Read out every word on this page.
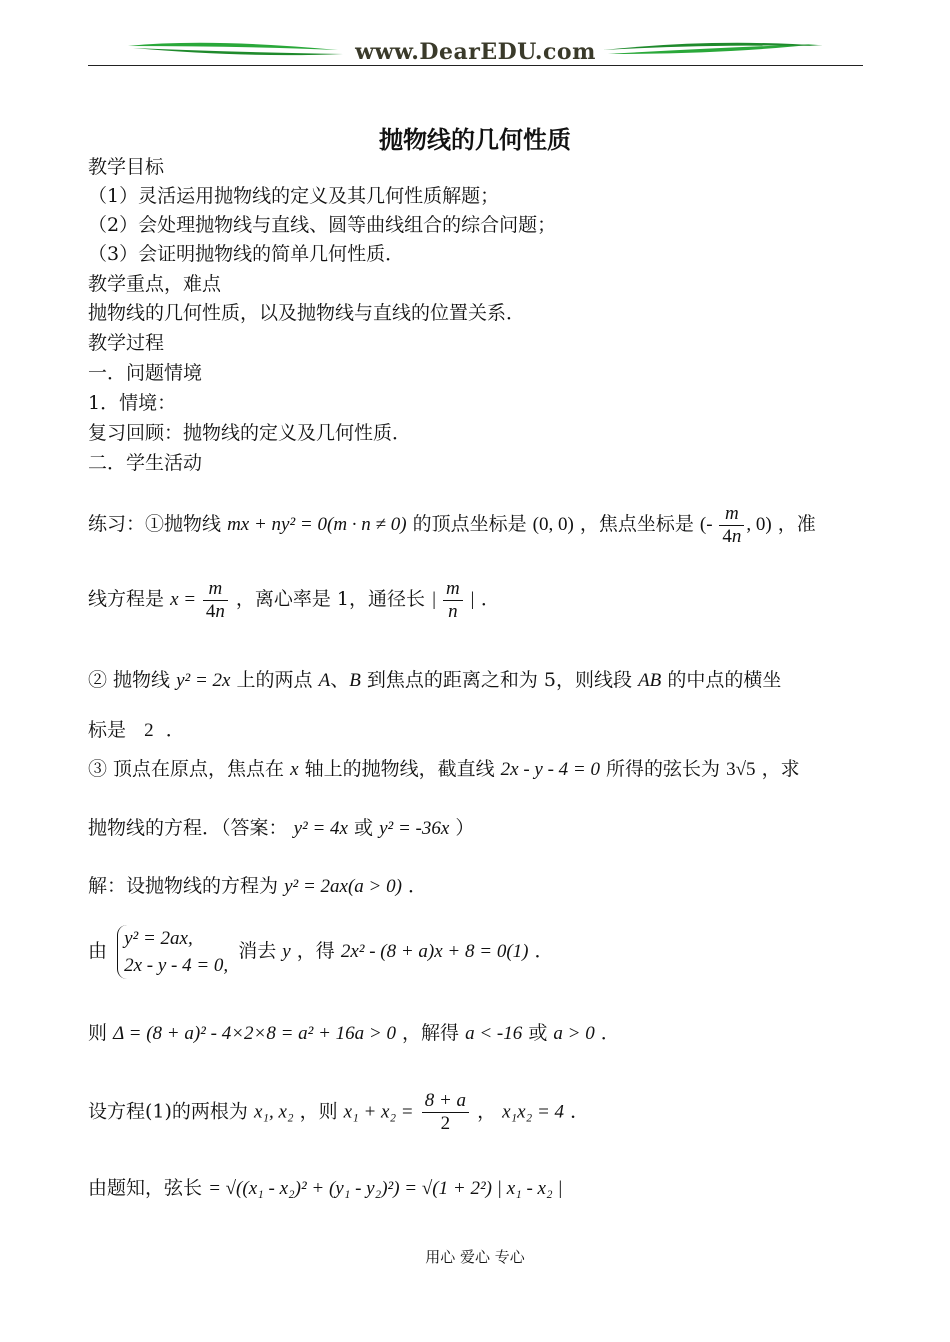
www.DearEDU.com
抛物线的几何性质
教学目标
（1）灵活运用抛物线的定义及其几何性质解题；
（2）会处理抛物线与直线、圆等曲线组合的综合问题；
（3）会证明抛物线的简单几何性质．
教学重点，难点
抛物线的几何性质，以及抛物线与直线的位置关系．
教学过程
一．问题情境
1．情境：
复习回顾：抛物线的定义及几何性质．
二．学生活动
练习：①抛物线 mx + ny² = 0(m · n ≠ 0) 的顶点坐标是 (0, 0) ，焦点坐标是 (- $\frac{m}{4n}$ , 0) ，准
线方程是 $x = \frac{m}{4n}$ ，离心率是 1，通径长 | $\frac{m}{n}$ | ．
② 抛物线 y² = 2x 上的两点 A、B 到焦点的距离之和为 5，则线段 AB 的中点的横坐
标是 2 ．
③ 顶点在原点，焦点在 x 轴上的抛物线，截直线 2x - y - 4 = 0 所得的弦长为 3√5 ，求
抛物线的方程．（答案： y² = 4x 或 y² = -36x ）
解：设抛物线的方程为 y² = 2ax(a > 0) ．
由
y² = 2ax,
2x - y - 4 = 0,
消去 y ，得 2x² - (8 + a)x + 8 = 0(1) ．
则 Δ = (8 + a)² - 4×2×8 = a² + 16a > 0 ，解得 a < -16 或 a > 0 ．
设方程(1)的两根为 x₁, x₂ ，则 $x_1 + x_2 = \frac{8 + a}{2}$ ， x₁x₂ = 4 ．
由题知，弦长 = √((x₁ - x₂)² + (y₁ - y₂)²) = √(1 + 2²) | x₁ - x₂ |
用心 爱心 专心
